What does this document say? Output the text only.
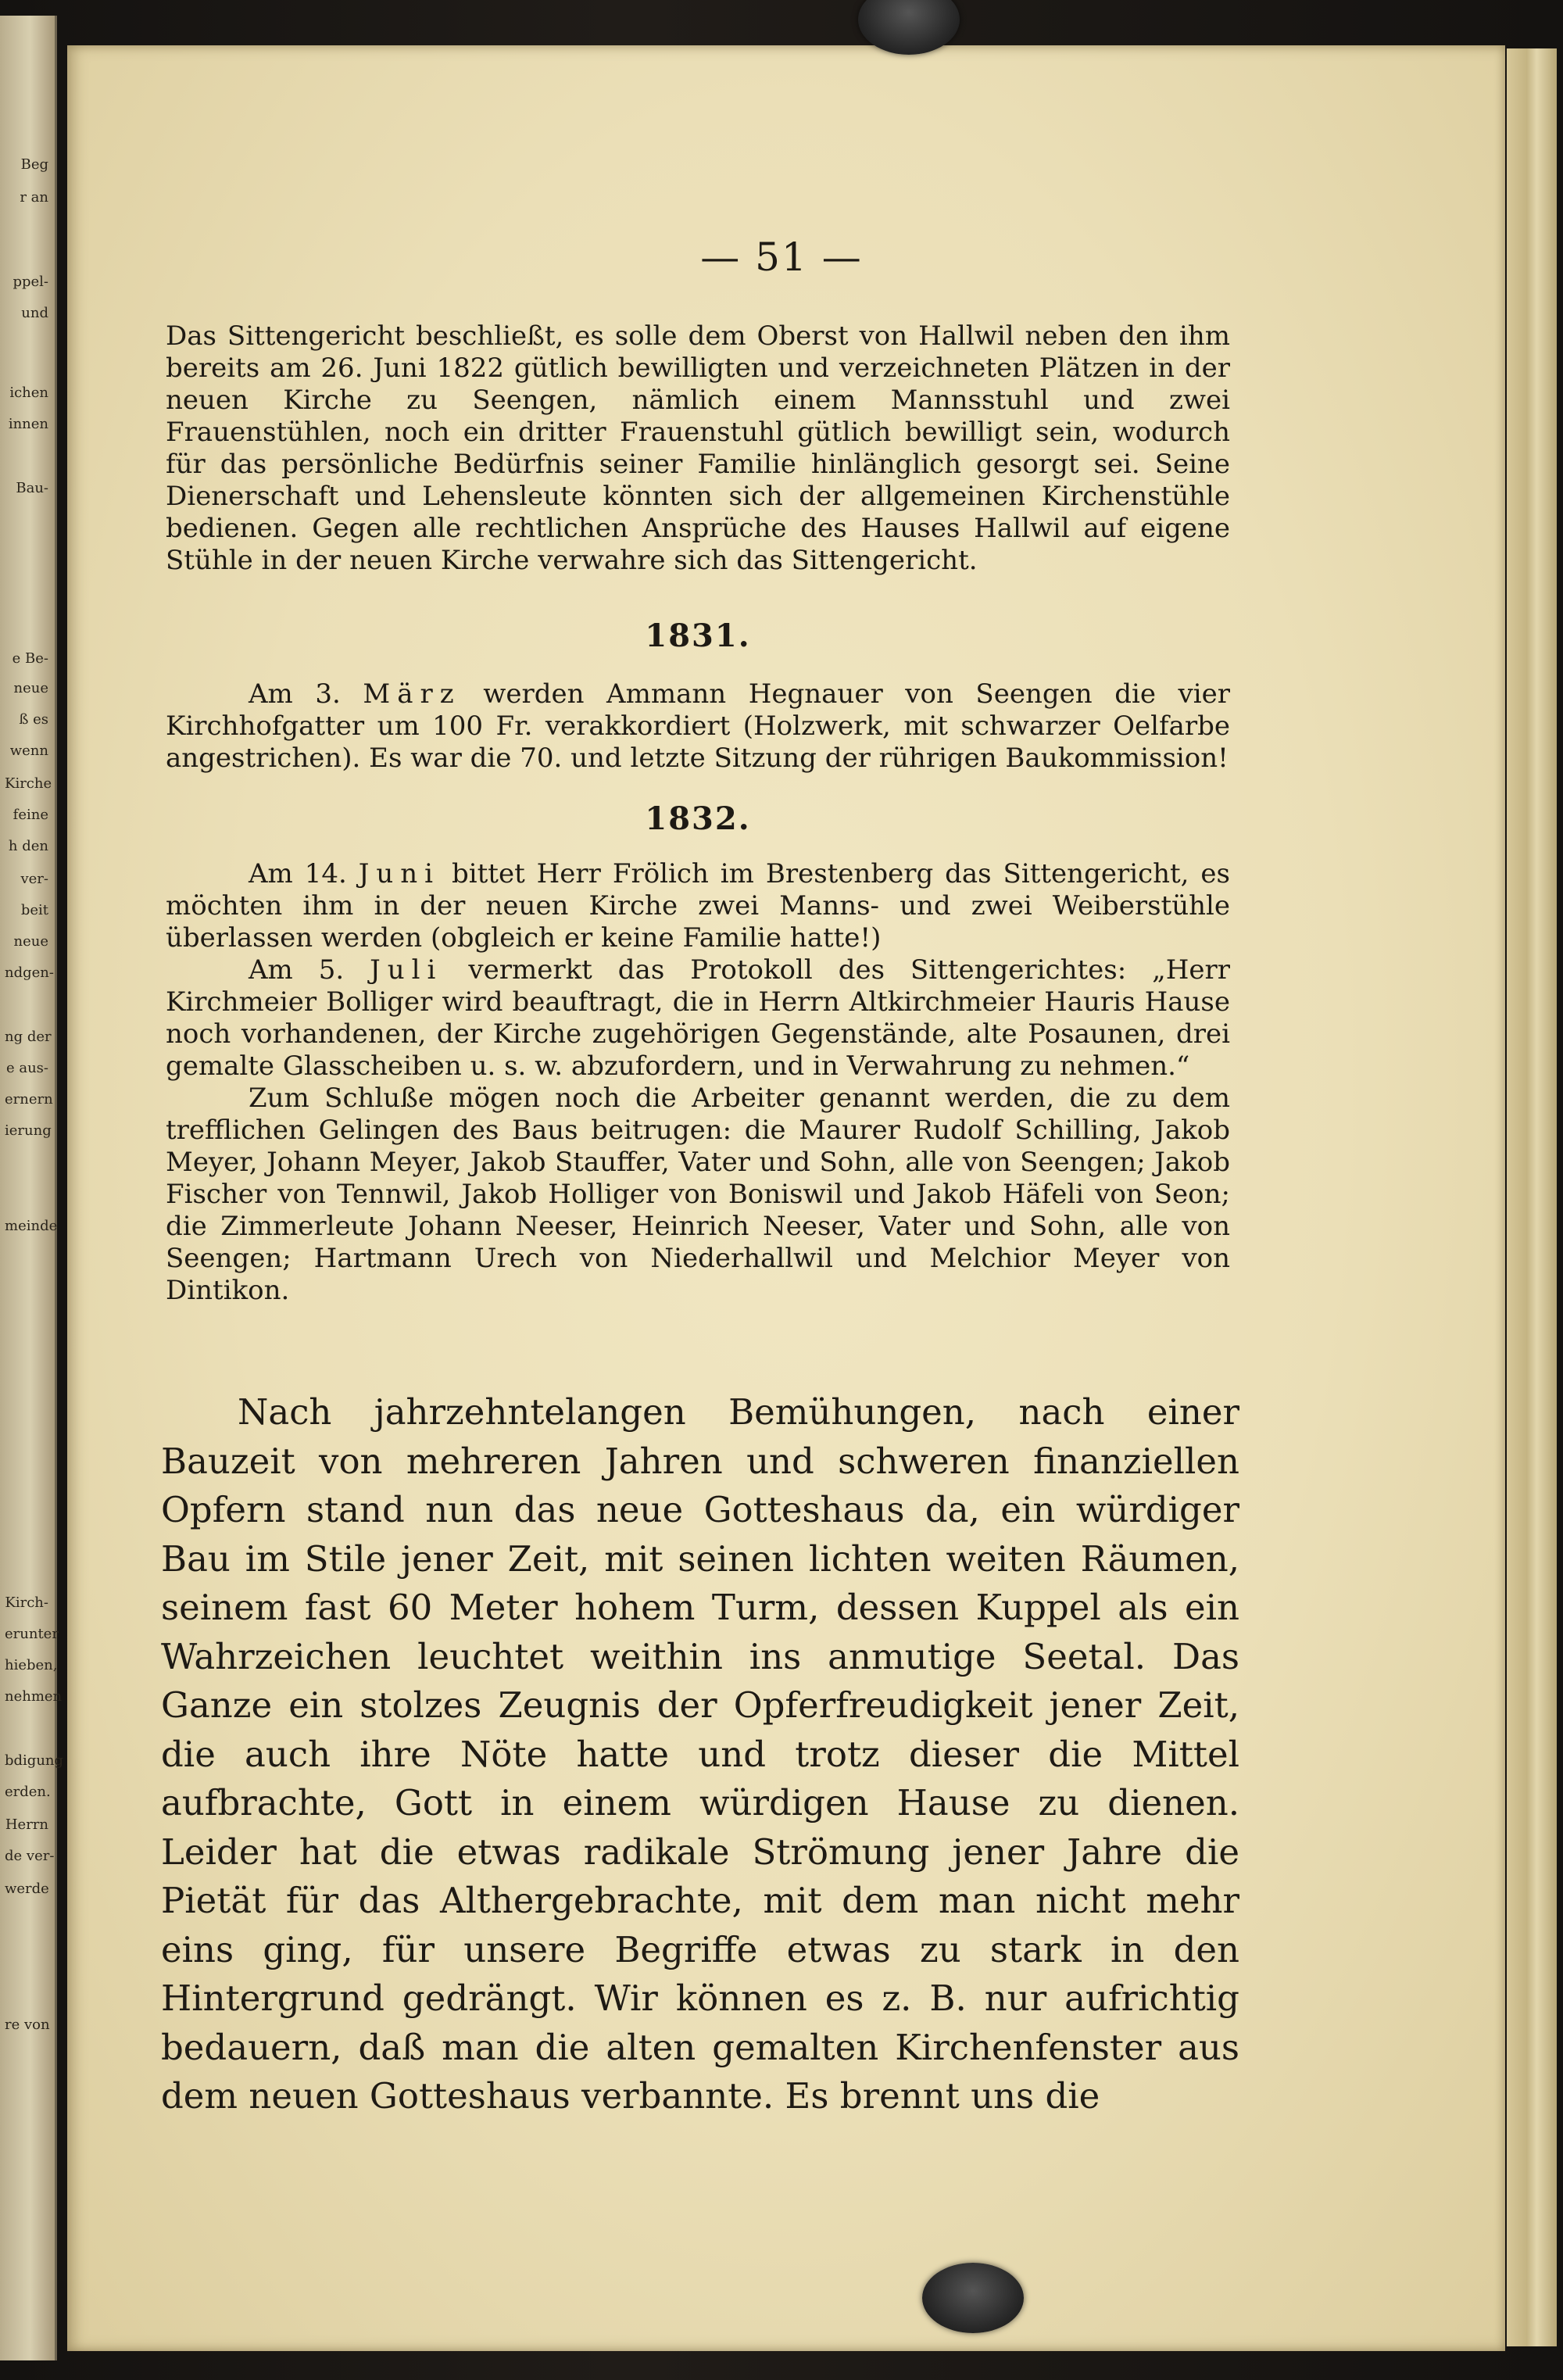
Beg
r an
ppel-
und
ichen
innen
Bau-
e Be-
neue
ß es
wenn
Kirche
feine
h den
ver-
beit
neue
ndgen-
ng der
e aus-
ernern
ierung
meinde
Kirch-
erunter
hieben,
nehmen
bdigung
erden.
Herrn
de ver-
werde
re von
— 51 —

Das Sittengericht beschließt, es solle dem Oberst von Hallwil neben den ihm bereits am 26. Juni 1822 gütlich bewilligten und verzeichneten Plätzen in der neuen Kirche zu Seengen, nämlich einem Mannsstuhl und zwei Frauenstühlen, noch ein dritter Frauenstuhl gütlich bewilligt sein, wodurch für das persönliche Bedürfnis seiner Familie hinlänglich gesorgt sei. Seine Dienerschaft und Lehensleute könnten sich der allgemeinen Kirchenstühle bedienen. Gegen alle rechtlichen Ansprüche des Hauses Hallwil auf eigene Stühle in der neuen Kirche verwahre sich das Sittengericht.

1831.

Am 3. März werden Ammann Hegnauer von Seengen die vier Kirchhofgatter um 100 Fr. verakkordiert (Holzwerk, mit schwarzer Oelfarbe angestrichen). Es war die 70. und letzte Sitzung der rührigen Baukommission!

1832.

Am 14. Juni bittet Herr Frölich im Brestenberg das Sittengericht, es möchten ihm in der neuen Kirche zwei Manns- und zwei Weiberstühle überlassen werden (obgleich er keine Familie hatte!)

Am 5. Juli vermerkt das Protokoll des Sittengerichtes: „Herr Kirchmeier Bolliger wird beauftragt, die in Herrn Altkirchmeier Hauris Hause noch vorhandenen, der Kirche zugehörigen Gegenstände, alte Posaunen, drei gemalte Glasscheiben u. s. w. abzufordern, und in Verwahrung zu nehmen.“

Zum Schluße mögen noch die Arbeiter genannt werden, die zu dem trefflichen Gelingen des Baus beitrugen: die Maurer Rudolf Schilling, Jakob Meyer, Johann Meyer, Jakob Stauffer, Vater und Sohn, alle von Seengen; Jakob Fischer von Tennwil, Jakob Holliger von Boniswil und Jakob Häfeli von Seon; die Zimmerleute Johann Neeser, Heinrich Neeser, Vater und Sohn, alle von Seengen; Hartmann Urech von Niederhallwil und Melchior Meyer von Dintikon.

Nach jahrzehntelangen Bemühungen, nach einer Bauzeit von mehreren Jahren und schweren finanziellen Opfern stand nun das neue Gotteshaus da, ein würdiger Bau im Stile jener Zeit, mit seinen lichten weiten Räumen, seinem fast 60 Meter hohem Turm, dessen Kuppel als ein Wahrzeichen leuchtet weithin ins anmutige Seetal. Das Ganze ein stolzes Zeugnis der Opferfreudigkeit jener Zeit, die auch ihre Nöte hatte und trotz dieser die Mittel aufbrachte, Gott in einem würdigen Hause zu dienen. Leider hat die etwas radikale Strömung jener Jahre die Pietät für das Althergebrachte, mit dem man nicht mehr eins ging, für unsere Begriffe etwas zu stark in den Hintergrund gedrängt. Wir können es z. B. nur aufrichtig bedauern, daß man die alten gemalten Kirchenfenster aus dem neuen Gotteshaus verbannte. Es brennt uns die
